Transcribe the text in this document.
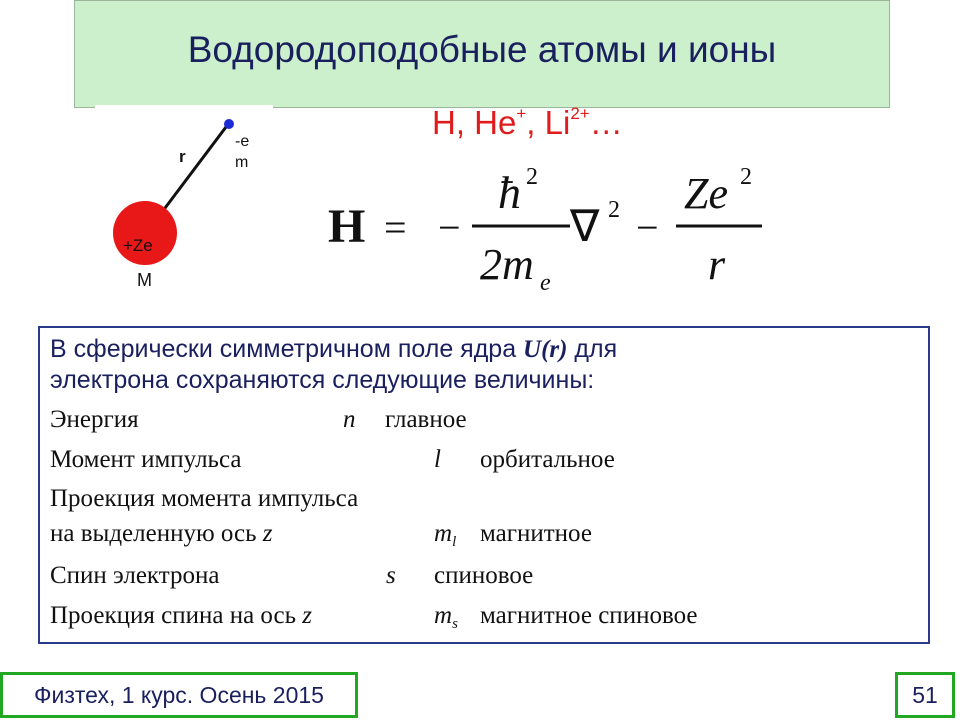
Водородоподобные атомы и ионы
r
-e
m
+Ze
M
H, He+, $Li^{2+}\dots$
H = −
ħ 2
2m e
∇ 2 −
Ze 2
r
В сферически симметричном поле ядра U(r) для
электрона сохраняются следующие величины:
Энергия	n главное
Момент импульса	l орбитальное
Проекция момента импульса
на выделенную ось z	$m_l$ магнитное
Спин электрона	s спиновое
Проекция спина на ось z	$m_s$ магнитное спиновое
Физтех, 1 курс. Осень 2015	51
